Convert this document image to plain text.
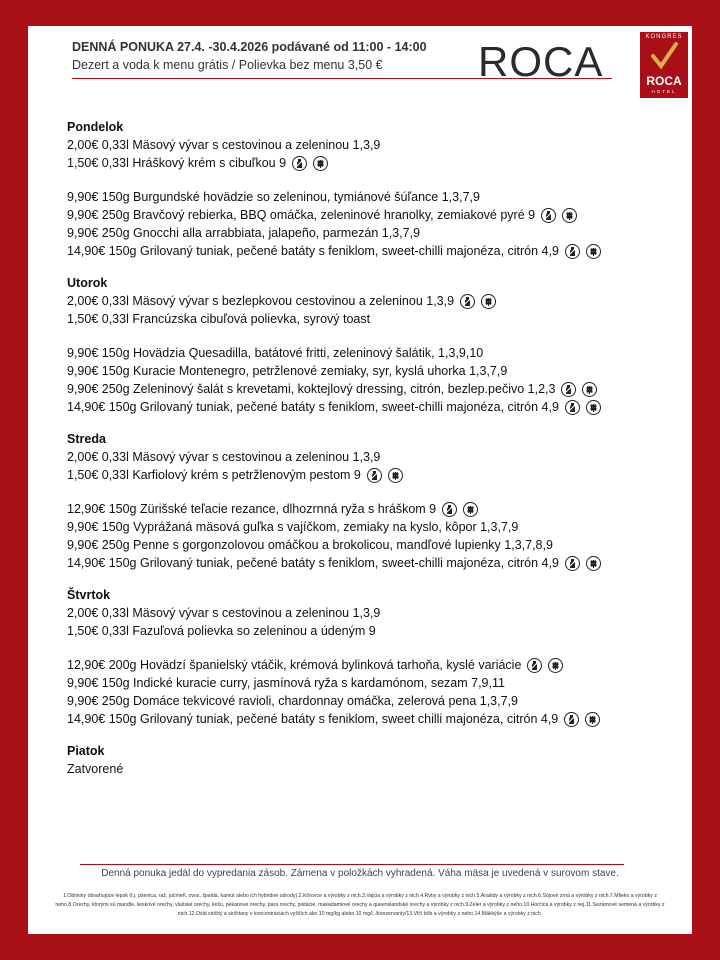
DENNÁ PONUKA 27.4. -30.4.2026 podávané od 11:00 - 14:00
Dezert a voda k menu grátis / Polievka bez menu 3,50 € ROCA
KONGRES
ROCA
HOTEL
Pondelok
2,00€ 0,33l Mäsový vývar s cestovinou a zeleninou 1,3,9
1,50€ 0,33l Hráškový krém s cibuľkou 9
9,90€ 150g Burgundské hovädzie so zeleninou, tymiánové šúľance 1,3,7,9
9,90€ 250g Bravčový rebierka, BBQ omáčka, zeleninové hranolky, zemiakové pyré 9
9,90€ 250g Gnocchi alla arrabbiata, jalapeño, parmezán 1,3,7,9
14,90€ 150g Grilovaný tuniak, pečené batáty s feniklom, sweet-chilli majonéza, citrón 4,9
Utorok
2,00€ 0,33l Mäsový vývar s bezlepkovou cestovinou a zeleninou 1,3,9
1,50€ 0,33l Francúzska cibuľová polievka, syrový toast
9,90€ 150g Hovädzia Quesadilla, batátové fritti, zeleninový šalátik, 1,3,9,10
9,90€ 150g Kuracie Montenegro, petržlenové zemiaky, syr, kyslá uhorka 1,3,7,9
9,90€ 250g Zeleninový šalát s krevetami, koktejlový dressing, citrón, bezlep.pečivo 1,2,3
14,90€ 150g Grilovaný tuniak, pečené batáty s feniklom, sweet-chilli majonéza, citrón 4,9
Streda
2,00€ 0,33l Mäsový vývar s cestovinou a zeleninou 1,3,9
1,50€ 0,33l Karfiolový krém s petržlenovým pestom 9
12,90€ 150g Zürišské teľacie rezance, dlhozrnná ryža s hráškom 9
9,90€ 150g Vyprážaná mäsová guľka s vajíčkom, zemiaky na kyslo, kôpor 1,3,7,9
9,90€ 250g Penne s gorgonzolovou omáčkou a brokolicou, mandľové lupienky 1,3,7,8,9
14,90€ 150g Grilovaný tuniak, pečené batáty s feniklom, sweet-chilli majonéza, citrón 4,9
Štvrtok
2,00€ 0,33l Mäsový vývar s cestovinou a zeleninou 1,3,9
1,50€ 0,33l Fazuľová polievka so zeleninou a údeným 9
12,90€ 200g Hovädzí španielský vtáčik, krémová bylinková tarhoňa, kyslé variácie
9,90€ 150g Indické kuracie curry, jasmínová ryža s kardamónom, sezam 7,9,11
9,90€ 250g Domáce tekvicové ravioli, chardonnay omáčka, zelerová pena 1,3,7,9
14,90€ 150g Grilovaný tuniak, pečené batáty s feniklom, sweet chilli majonéza, citrón 4,9
Piatok
Zatvorené
Denná ponuka jedál do vypredania zásob. Zámena v položkách vyhradená. Váha mäsa je uvedená v surovom stave.
1.Obilniny obsahujúce lepok (t.j. pšenica, raž, jačmeň, ovos, špalda, kamut alebo ich hybridné odrody).2.Kôrovce a výrobky z nich.3.Vajcia a výrobky z nich.4.Ryby a výrobky z nich.5.Arašidy a výrobky z nich.6.Sójové zrná a výrobky z nich.7.Mlieko a výrobky z neho.8.Orechy, ktorými sú mandle, lieskové orechy, vlašské orechy, kešu, pekanové orechy, para orechy, pistácie, makadamiové orechy a queenslandské orechy a výrobky z nich.9.Zeler a výrobky z neho.10.Horčica a výrobky z nej.11.Sezamové semená a výrobky z nich.12.Oxid siričitý a siričitany v koncentráciách vyšších ako 10 mg/kg alebo 10 mg/l. /konzervanty/13.Vlčí bôb a výrobky z neho.14.Mäkkýše a výrobky z nich.
